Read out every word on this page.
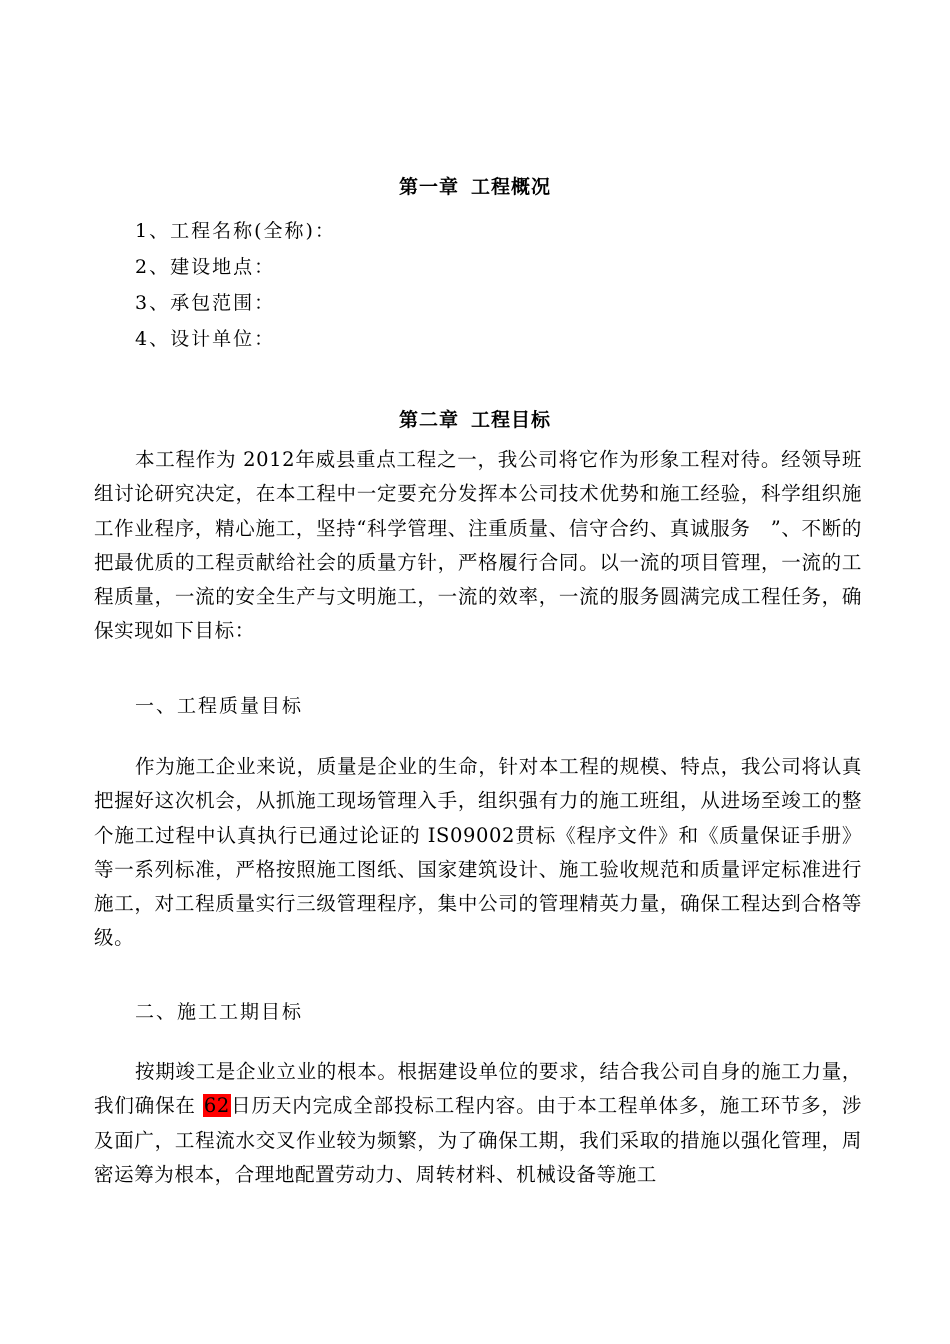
第一章 工程概况
1、工程名称(全称)：
2、建设地点：
3、承包范围：
4、设计单位：
第二章 工程目标

本工程作为 2012年威县重点工程之一，我公司将它作为形象工程对待。经领导班组讨论研究决定，在本工程中一定要充分发挥本公司技术优势和施工经验，科学组织施工作业程序，精心施工，坚持“科学管理、注重质量、信守合约、真诚服务　”、不断的把最优质的工程贡献给社会的质量方针，严格履行合同。以一流的项目管理，一流的工程质量，一流的安全生产与文明施工，一流的效率，一流的服务圆满完成工程任务，确保实现如下目标：

一、工程质量目标

作为施工企业来说，质量是企业的生命，针对本工程的规模、特点，我公司将认真把握好这次机会，从抓施工现场管理入手，组织强有力的施工班组，从进场至竣工的整个施工过程中认真执行已通过论证的 IS09002贯标《程序文件》和《质量保证手册》等一系列标准，严格按照施工图纸、国家建筑设计、施工验收规范和质量评定标准进行施工，对工程质量实行三级管理程序，集中公司的管理精英力量，确保工程达到合格等级。

二、施工工期目标

按期竣工是企业立业的根本。根据建设单位的要求，结合我公司自身的施工力量，我们确保在 62日历天内完成全部投标工程内容。由于本工程单体多，施工环节多，涉及面广，工程流水交叉作业较为频繁，为了确保工期，我们采取的措施以强化管理，周密运筹为根本，合理地配置劳动力、周转材料、机械设备等施工
